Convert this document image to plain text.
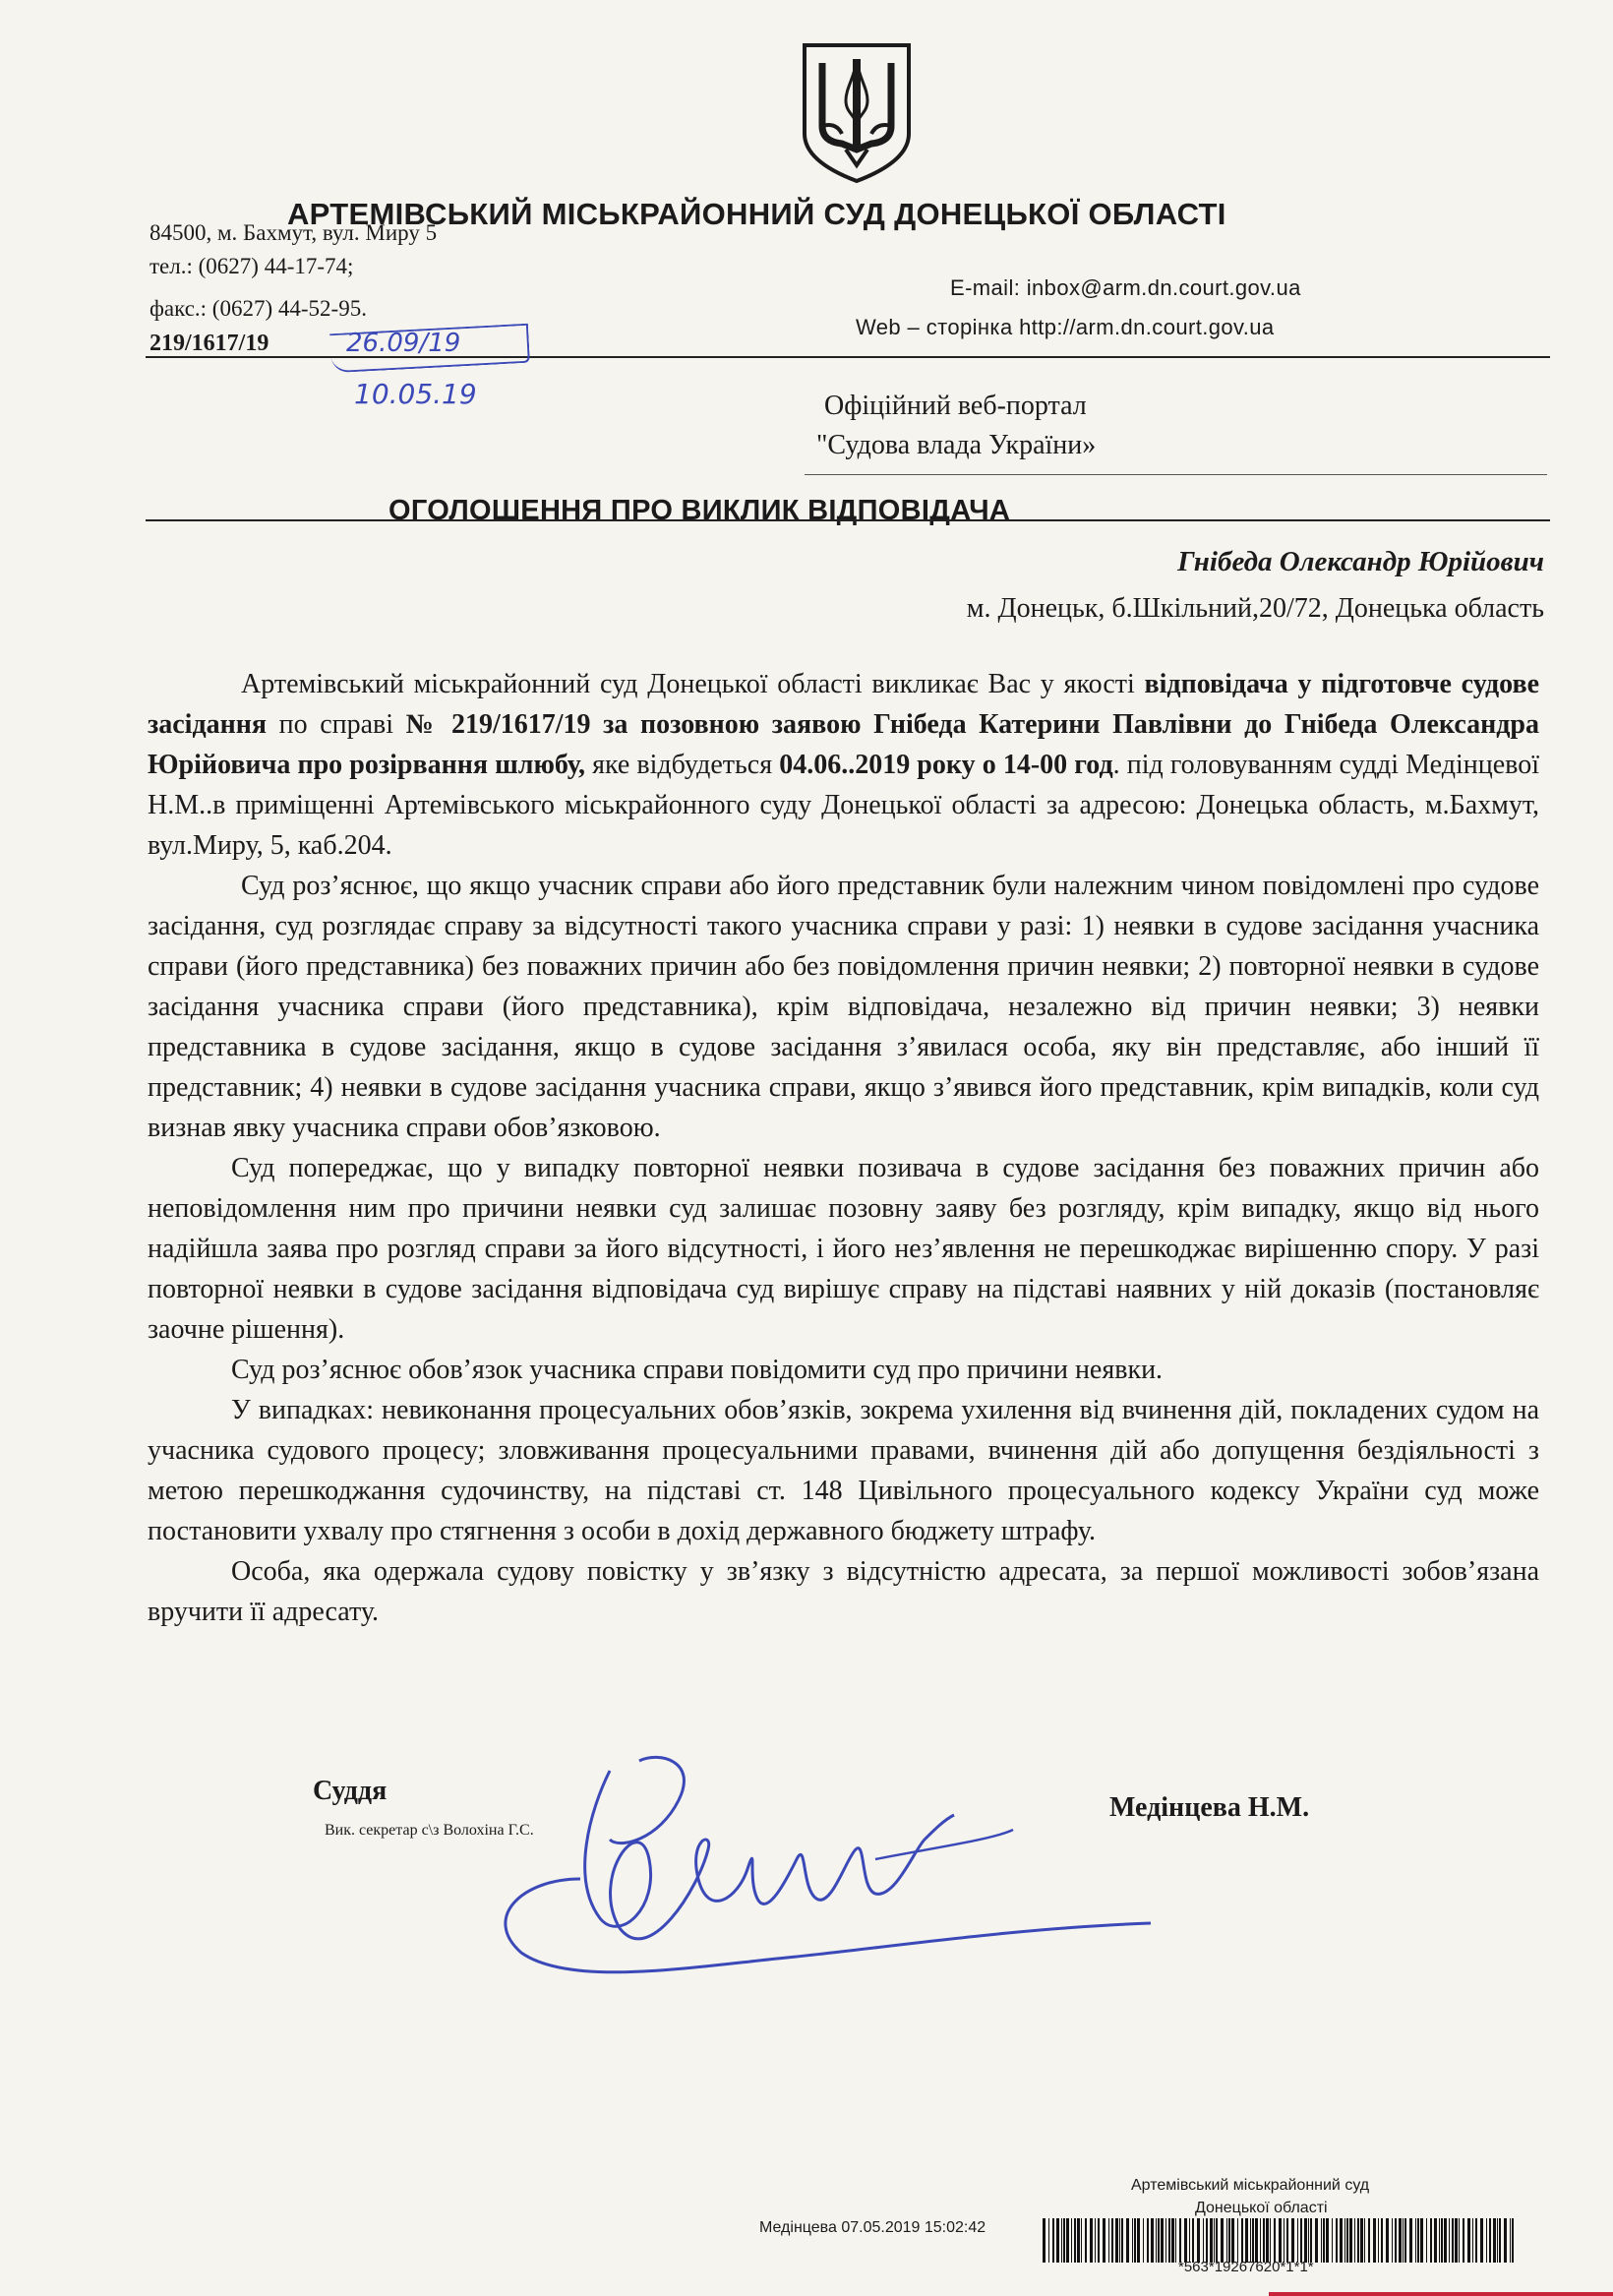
АРТЕМІВСЬКИЙ МІСЬКРАЙОННИЙ СУД ДОНЕЦЬКОЇ ОБЛАСТІ
84500, м. Бахмут, вул. Миру 5
тел.: (0627) 44-17-74;
факс.: (0627) 44-52-95.
E-mail: inbox@arm.dn.court.gov.ua
Web – сторінка http://arm.dn.court.gov.ua
219/1617/19	26.09/19
10.05.19	Офіційний веб-портал
"Судова влада України»
ОГОЛОШЕННЯ ПРО ВИКЛИК ВІДПОВІДАЧА
Гнібеда Олександр Юрійович
м. Донецьк, б.Шкільний,20/72, Донецька область

Артемівський міськрайонний суд Донецької області викликає Вас у якості відповідача у підготовче судове засідання по справі № 219/1617/19 за позовною заявою Гнібеда Катерини Павлівни до Гнібеда Олександра Юрійовича про розірвання шлюбу, яке відбудеться 04.06..2019 року о 14-00 год. під головуванням судді Медінцевої Н.М..в приміщенні Артемівського міськрайонного суду Донецької області за адресою: Донецька область, м.Бахмут, вул.Миру, 5, каб.204.

Суд роз’яснює, що якщо учасник справи або його представник були належним чином повідомлені про судове засідання, суд розглядає справу за відсутності такого учасника справи у разі: 1) неявки в судове засідання учасника справи (його представника) без поважних причин або без повідомлення причин неявки; 2) повторної неявки в судове засідання учасника справи (його представника), крім відповідача, незалежно від причин неявки; 3) неявки представника в судове засідання, якщо в судове засідання з’явилася особа, яку він представляє, або інший її представник; 4) неявки в судове засідання учасника справи, якщо з’явився його представник, крім випадків, коли суд визнав явку учасника справи обов’язковою.

Суд попереджає, що у випадку повторної неявки позивача в судове засідання без поважних причин або неповідомлення ним про причини неявки суд залишає позовну заяву без розгляду, крім випадку, якщо від нього надійшла заява про розгляд справи за його відсутності, і його нез’явлення не перешкоджає вирішенню спору. У разі повторної неявки в судове засідання відповідача суд вирішує справу на підставі наявних у ній доказів (постановляє заочне рішення).

Суд роз’яснює обов’язок учасника справи повідомити суд про причини неявки.

У випадках: невиконання процесуальних обов’язків, зокрема ухилення від вчинення дій, покладених судом на учасника судового процесу; зловживання процесуальними правами, вчинення дій або допущення бездіяльності з метою перешкоджання судочинству, на підставі ст. 148 Цивільного процесуального кодексу України суд може постановити ухвалу про стягнення з особи в дохід державного бюджету штрафу.

Особа, яка одержала судову повістку у зв’язку з відсутністю адресата, за першої можливості зобов’язана вручити її адресату.

Суддя
Вик. секретар с\з Волохіна Г.С.
Медінцева Н.М.
Артемівський міськрайонний суд
Донецької області
Медінцева 07.05.2019 15:02:42
*563*19267620*1*1*
